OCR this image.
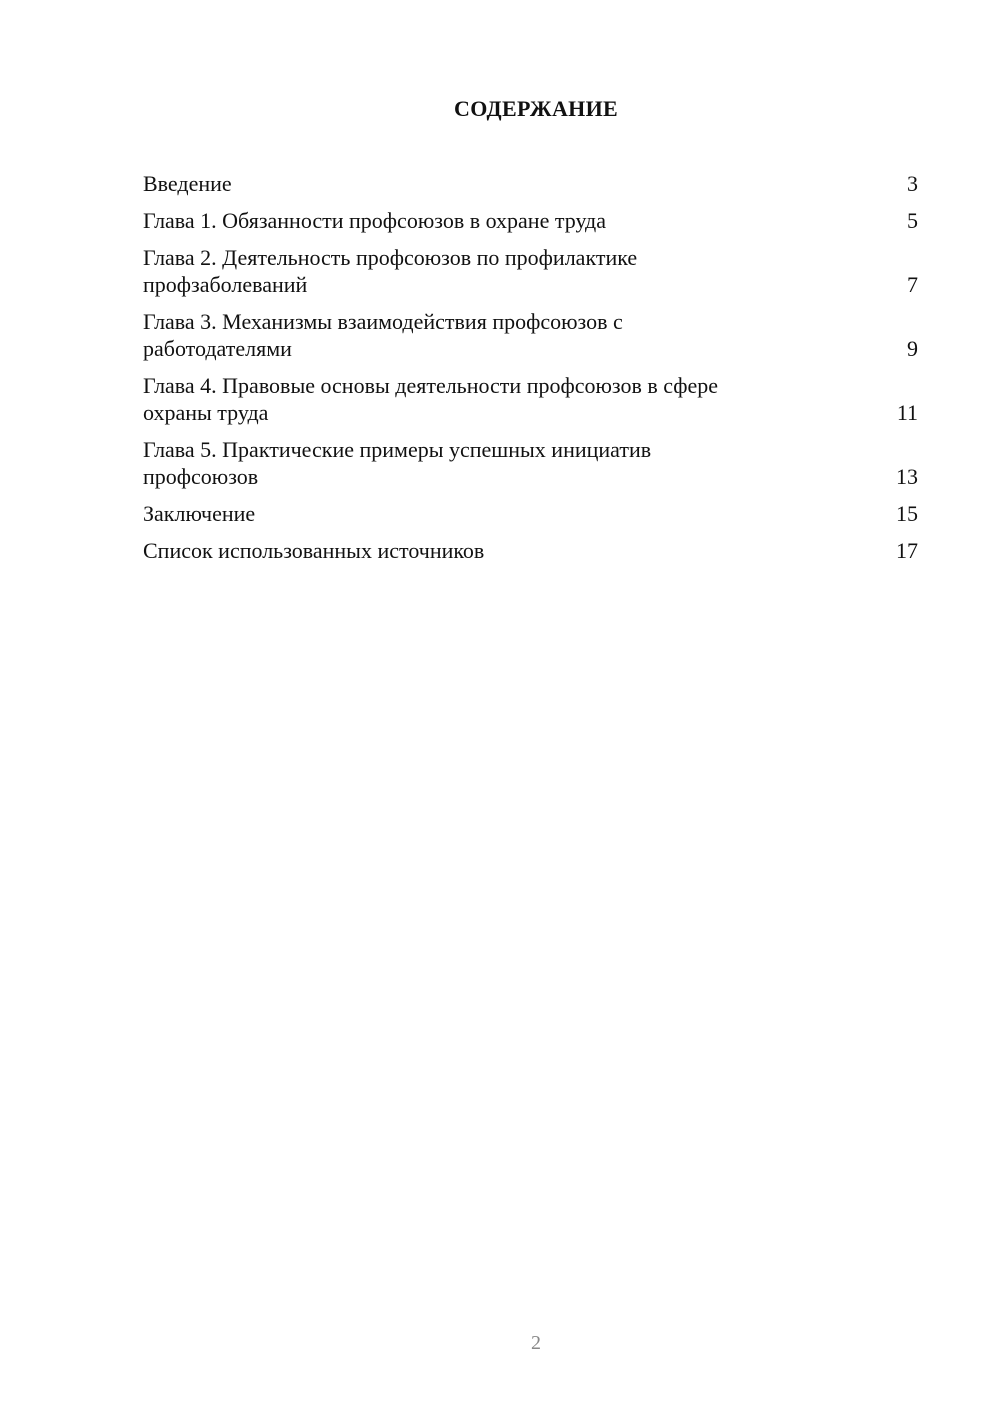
СОДЕРЖАНИЕ
Введение	3
Глава 1. Обязанности профсоюзов в охране труда	5
Глава 2. Деятельность профсоюзов по профилактике
профзаболеваний	7
Глава 3. Механизмы взаимодействия профсоюзов с
работодателями	9
Глава 4. Правовые основы деятельности профсоюзов в сфере
охраны труда	11
Глава 5. Практические примеры успешных инициатив
профсоюзов	13
Заключение	15
Список использованных источников	17
2
